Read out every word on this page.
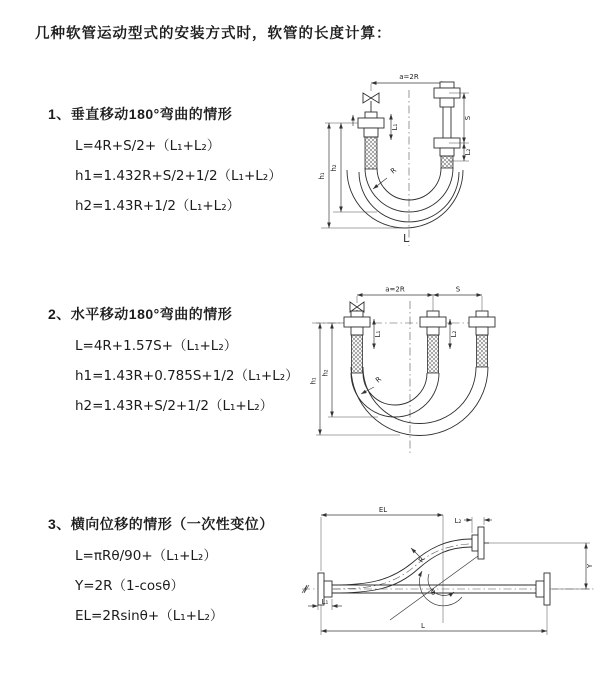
几种软管运动型式的安装方式时，软管的长度计算：
1、垂直移动180°弯曲的情形
L=4R+S/2+（L₁+L₂）
h1=1.432R+S/2+1/2（L₁+L₂）
h2=1.43R+1/2（L₁+L₂）
2、水平移动180°弯曲的情形
L=4R+1.57S+（L₁+L₂）
h1=1.43R+0.785S+1/2（L₁+L₂）
h2=1.43R+S/2+1/2（L₁+L₂）
3、横向位移的情形（一次性变位）
L=πRθ/90+（L₁+L₂）
Y=2R（1-cosθ）
EL=2Rsinθ+（L₁+L₂）
a=2R
S
L₂
h₁
h₂
L₁
R
L
a=2R	S
h₁
h₂
L₁	L₂
R
EL
L₂
Y
θ
R
L
L₁
